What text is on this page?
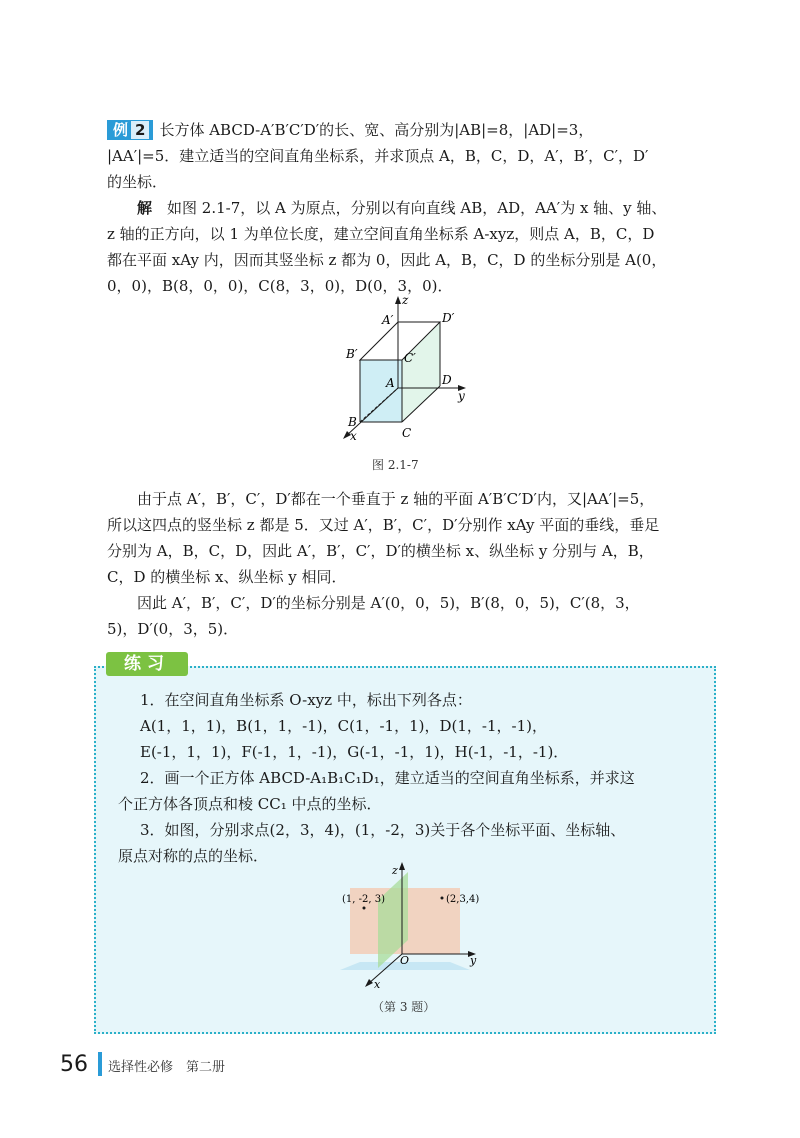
例 2 长方体 ABCD-A′B′C′D′的长、宽、高分别为|AB|=8，|AD|=3，

|AA′|=5．建立适当的空间直角坐标系，并求顶点 A，B，C，D，A′，B′，C′，D′

的坐标．

解　 如图 2.1-7，以 A 为原点，分别以有向直线 AB，AD，AA′为 x 轴、y 轴、

z 轴的正方向，以 1 为单位长度，建立空间直角坐标系 A-xyz，则点 A，B，C，D

都在平面 xAy 内，因而其竖坐标 z 都为 0，因此 A，B，C，D 的坐标分别是 A(0，

0，0)，B(8，0，0)，C(8，3，0)，D(0，3，0)．

z
A′	D′
B′	C′
A	D
y
B
C
x
图 2.1-7

由于点 A′，B′，C′，D′都在一个垂直于 z 轴的平面 A′B′C′D′内，又|AA′|=5，

所以这四点的竖坐标 z 都是 5．又过 A′，B′，C′，D′分别作 xAy 平面的垂线，垂足

分别为 A，B，C，D，因此 A′，B′，C′，D′的横坐标 x、纵坐标 y 分别与 A，B，

C，D 的横坐标 x、纵坐标 y 相同．

因此 A′，B′，C′，D′的坐标分别是 A′(0，0，5)，B′(8，0，5)，C′(8，3，

5)，D′(0，3，5)．

练习

1．在空间直角坐标系 O-xyz 中，标出下列各点：

A(1，1，1)，B(1，1，-1)，C(1，-1，1)，D(1，-1，-1)，

E(-1，1，1)，F(-1，1，-1)，G(-1，-1，1)，H(-1，-1，-1)．

2．画一个正方体 ABCD-A₁B₁C₁D₁，建立适当的空间直角坐标系，并求这

个正方体各顶点和棱 CC₁ 中点的坐标．

3．如图，分别求点(2，3，4)，(1，-2，3)关于各个坐标平面、坐标轴、

原点对称的点的坐标．

z
(1, -2, 3)	(2,3,4)
O	y
x
（第 3 题）
56 选择性必修　第二册
